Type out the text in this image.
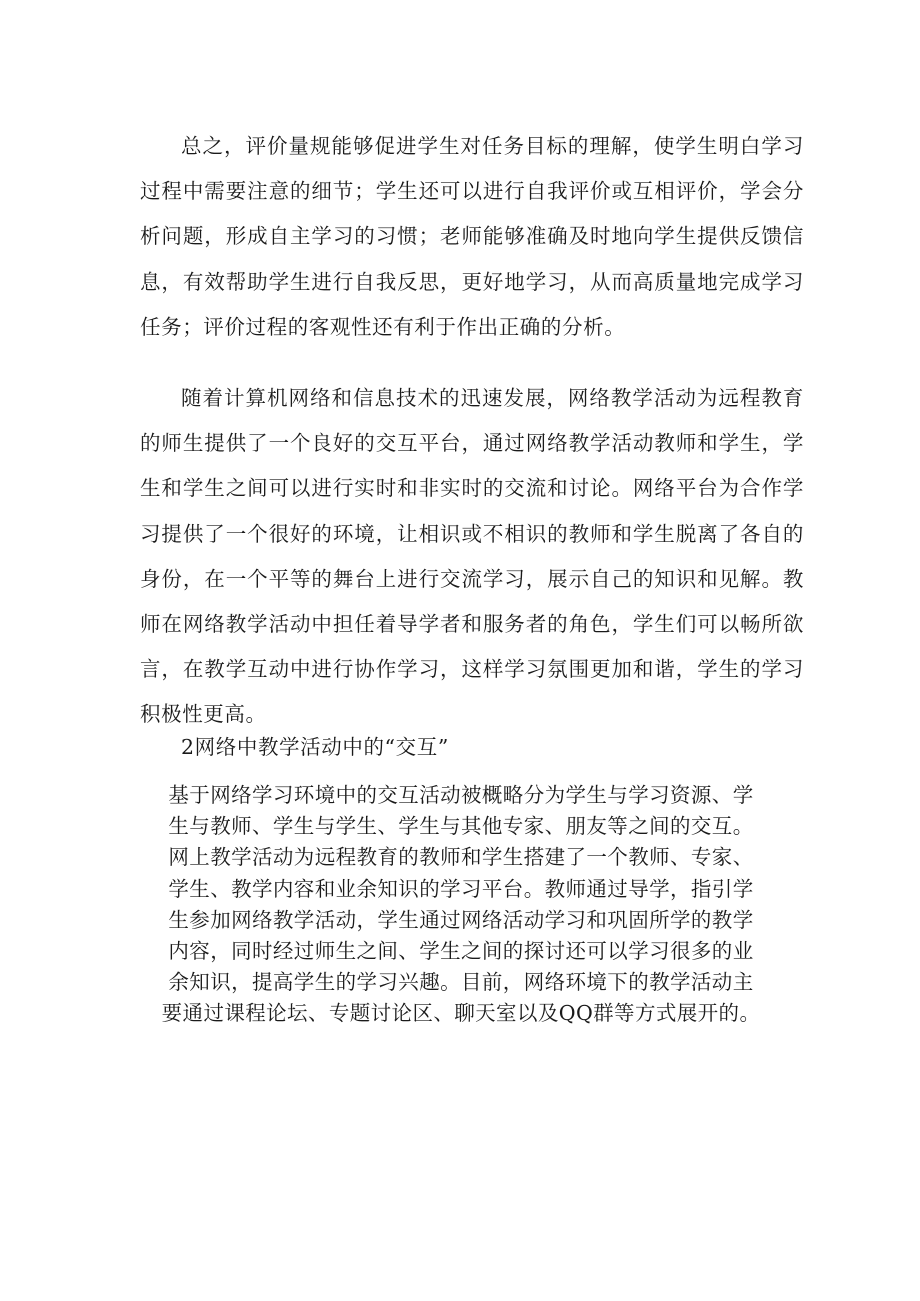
总之，评价量规能够促进学生对任务目标的理解，使学生明白学习过程中需要注意的细节；学生还可以进行自我评价或互相评价，学会分析问题，形成自主学习的习惯；老师能够准确及时地向学生提供反馈信息，有效帮助学生进行自我反思，更好地学习，从而高质量地完成学习任务；评价过程的客观性还有利于作出正确的分析。

随着计算机网络和信息技术的迅速发展，网络教学活动为远程教育的师生提供了一个良好的交互平台，通过网络教学活动教师和学生，学生和学生之间可以进行实时和非实时的交流和讨论。网络平台为合作学习提供了一个很好的环境，让相识或不相识的教师和学生脱离了各自的身份，在一个平等的舞台上进行交流学习，展示自己的知识和见解。教师在网络教学活动中担任着导学者和服务者的角色，学生们可以畅所欲言，在教学互动中进行协作学习，这样学习氛围更加和谐，学生的学习积极性更高。

2网络中教学活动中的“交互”

基于网络学习环境中的交互活动被概略分为学生与学习资源、学生与教师、学生与学生、学生与其他专家、朋友等之间的交互。网上教学活动为远程教育的教师和学生搭建了一个教师、专家、学生、教学内容和业余知识的学习平台。教师通过导学，指引学生参加网络教学活动，学生通过网络活动学习和巩固所学的教学内容，同时经过师生之间、学生之间的探讨还可以学习很多的业余知识，提高学生的学习兴趣。目前，网络环境下的教学活动主要通过课程论坛、专题讨论区、聊天室以及QQ群等方式展开的。
